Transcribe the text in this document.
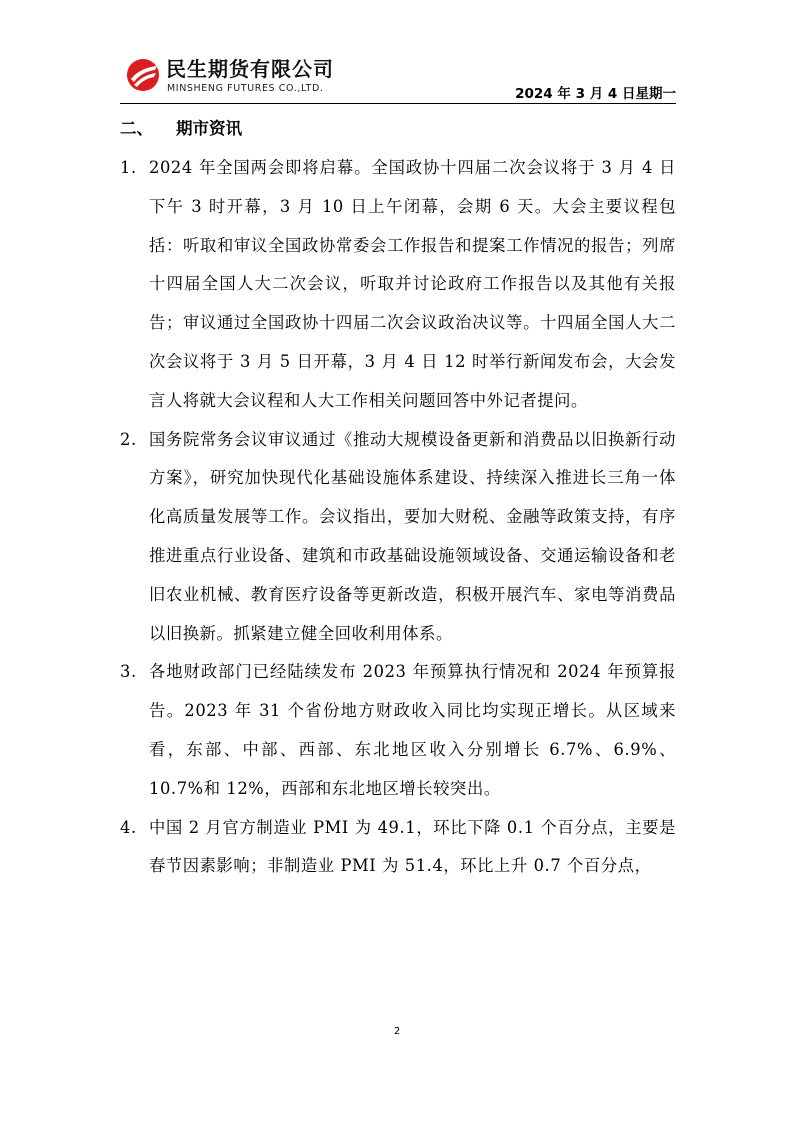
民生期货有限公司
MINSHENG FUTURES CO.,LTD.	2024 年 3 月 4 日星期一
二、 期市资讯
1. 2024 年全国两会即将启幕。全国政协十四届二次会议将于 3 月 4 日下午 3 时开幕，3 月 10 日上午闭幕，会期 6 天。大会主要议程包括：听取和审议全国政协常委会工作报告和提案工作情况的报告；列席十四届全国人大二次会议，听取并讨论政府工作报告以及其他有关报告；审议通过全国政协十四届二次会议政治决议等。十四届全国人大二次会议将于 3 月 5 日开幕，3 月 4 日 12 时举行新闻发布会，大会发言人将就大会议程和人大工作相关问题回答中外记者提问。
2. 国务院常务会议审议通过《推动大规模设备更新和消费品以旧换新行动方案》，研究加快现代化基础设施体系建设、持续深入推进长三角一体化高质量发展等工作。会议指出，要加大财税、金融等政策支持，有序推进重点行业设备、建筑和市政基础设施领域设备、交通运输设备和老旧农业机械、教育医疗设备等更新改造，积极开展汽车、家电等消费品以旧换新。抓紧建立健全回收利用体系。
3. 各地财政部门已经陆续发布 2023 年预算执行情况和 2024 年预算报告。2023 年 31 个省份地方财政收入同比均实现正增长。从区域来看，东部、中部、西部、东北地区收入分别增长 6.7%、6.9%、10.7%和 12%，西部和东北地区增长较突出。
4. 中国 2 月官方制造业 PMI 为 49.1，环比下降 0.1 个百分点，主要是春节因素影响；非制造业 PMI 为 51.4，环比上升 0.7 个百分点，
2
